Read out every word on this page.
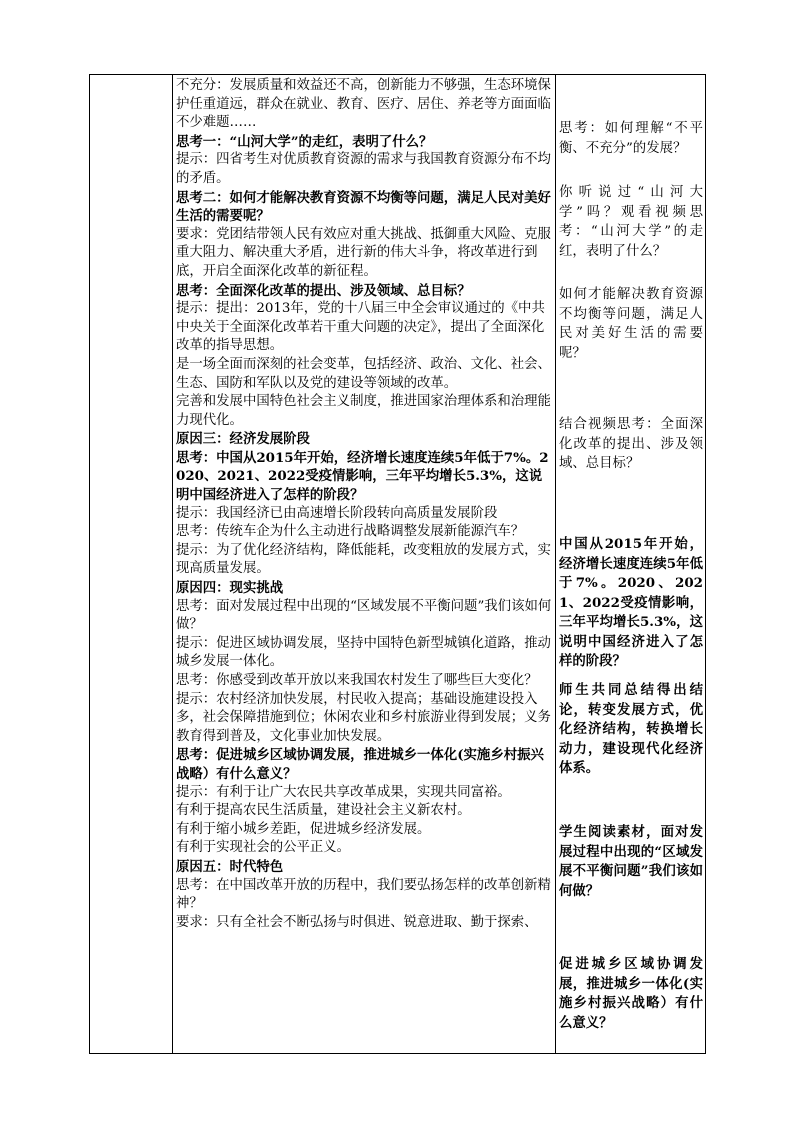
不充分：发展质量和效益还不高，创新能力不够强，生态环境保护任重道远，群众在就业、教育、医疗、居住、养老等方面面临不少难题……

思考一：“山河大学”的走红，表明了什么？

提示：四省考生对优质教育资源的需求与我国教育资源分布不均的矛盾。

思考二：如何才能解决教育资源不均衡等问题，满足人民对美好生活的需要呢？

要求：党团结带领人民有效应对重大挑战、抵御重大风险、克服重大阻力、解决重大矛盾，进行新的伟大斗争，将改革进行到底，开启全面深化改革的新征程。

思考：全面深化改革的提出、涉及领域、总目标？

提示：提出：2013年，党的十八届三中全会审议通过的《中共中央关于全面深化改革若干重大问题的决定》，提出了全面深化改革的指导思想。

是一场全面而深刻的社会变革，包括经济、政治、文化、社会、生态、国防和军队以及党的建设等领域的改革。

完善和发展中国特色社会主义制度，推进国家治理体系和治理能力现代化。

原因三：经济发展阶段

思考：中国从2015年开始，经济增长速度连续5年低于7%。2020、2021、2022受疫情影响，三年平均增长5.3%，这说明中国经济进入了怎样的阶段？

提示：我国经济已由高速增长阶段转向高质量发展阶段

思考：传统车企为什么主动进行战略调整发展新能源汽车？

提示：为了优化经济结构，降低能耗，改变粗放的发展方式，实现高质量发展。

原因四：现实挑战

思考：面对发展过程中出现的“区域发展不平衡问题”我们该如何做？

提示：促进区域协调发展，坚持中国特色新型城镇化道路，推动城乡发展一体化。

思考：你感受到改革开放以来我国农村发生了哪些巨大变化？

提示：农村经济加快发展，村民收入提高；基础设施建设投入多，社会保障措施到位；休闲农业和乡村旅游业得到发展；义务教育得到普及，文化事业加快发展。

思考：促进城乡区域协调发展，推进城乡一体化(实施乡村振兴战略）有什么意义？

提示：有利于让广大农民共享改革成果，实现共同富裕。

有利于提高农民生活质量，建设社会主义新农村。

有利于缩小城乡差距，促进城乡经济发展。

有利于实现社会的公平正义。

原因五：时代特色

思考：在中国改革开放的历程中，我们要弘扬怎样的改革创新精神？

要求：只有全社会不断弘扬与时俱进、锐意进取、勤于探索、

思考：如何理解“不平衡、不充分”的发展？

你听说过“山河大学”吗？观看视频思考：“山河大学”的走红，表明了什么？

如何才能解决教育资源不均衡等问题，满足人民对美好生活的需要呢？

结合视频思考：全面深化改革的提出、涉及领域、总目标？

中国从2015年开始，经济增长速度连续5年低于7%。2020、2021、2022受疫情影响，三年平均增长5.3%，这说明中国经济进入了怎样的阶段？

师生共同总结得出结论，转变发展方式，优化经济结构，转换增长动力，建设现代化经济体系。

学生阅读素材，面对发展过程中出现的“区域发展不平衡问题”我们该如何做？

促进城乡区域协调发展，推进城乡一体化(实施乡村振兴战略）有什么意义？
